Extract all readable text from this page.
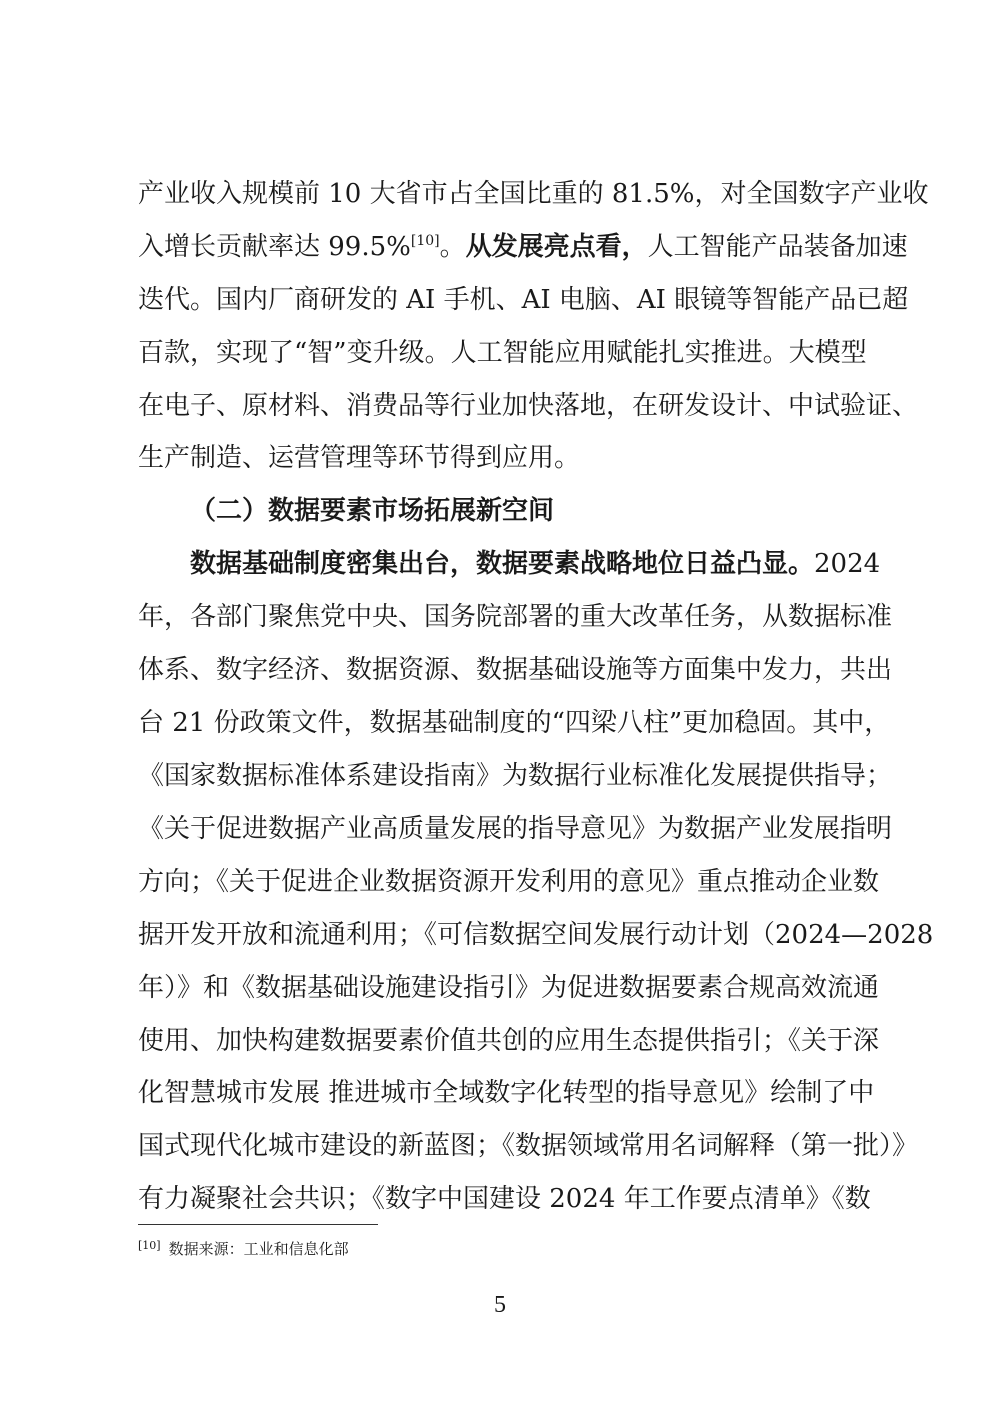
产业收入规模前 10 大省市占全国比重的 81.5%，对全国数字产业收
入增长贡献率达 99.5%[10]。从发展亮点看，人工智能产品装备加速
迭代。国内厂商研发的 AI 手机、AI 电脑、AI 眼镜等智能产品已超
百款，实现了“智”变升级。人工智能应用赋能扎实推进。大模型
在电子、原材料、消费品等行业加快落地，在研发设计、中试验证、
生产制造、运营管理等环节得到应用。
（二）数据要素市场拓展新空间
数据基础制度密集出台，数据要素战略地位日益凸显。2024
年，各部门聚焦党中央、国务院部署的重大改革任务，从数据标准
体系、数字经济、数据资源、数据基础设施等方面集中发力，共出
台 21 份政策文件，数据基础制度的“四梁八柱”更加稳固。其中，
《国家数据标准体系建设指南》为数据行业标准化发展提供指导；
《关于促进数据产业高质量发展的指导意见》为数据产业发展指明
方向；《关于促进企业数据资源开发利用的意见》重点推动企业数
据开发开放和流通利用；《可信数据空间发展行动计划（2024—2028
年）》和《数据基础设施建设指引》为促进数据要素合规高效流通
使用、加快构建数据要素价值共创的应用生态提供指引；《关于深
化智慧城市发展 推进城市全域数字化转型的指导意见》绘制了中
国式现代化城市建设的新蓝图；《数据领域常用名词解释（第一批）》
有力凝聚社会共识；《数字中国建设 2024 年工作要点清单》《数
[10] 数据来源：工业和信息化部
5
